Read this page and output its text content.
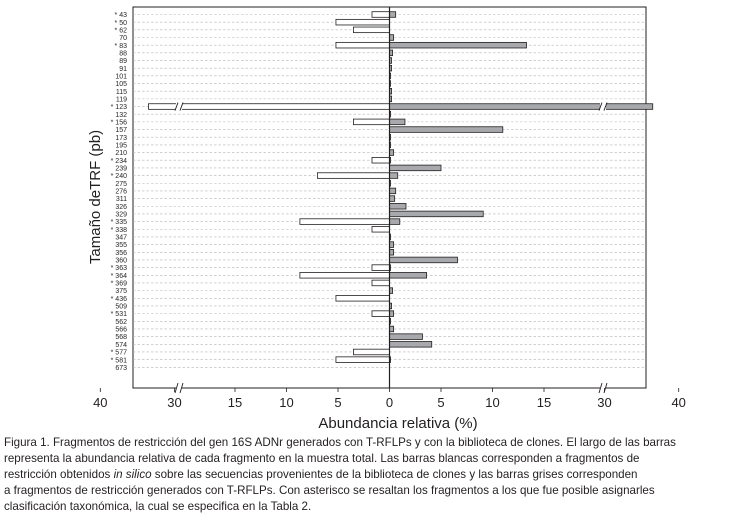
* 43
* 50
* 62
70
* 83
88
89
91
101
105
115
119
* 123
132
* 156
157
173
195
210
* 234
239
* 240
275
276
311
326
329
* 335
* 338
347
355
356
360
* 363
* 364
* 369
375
* 436
509
* 531
562
566
568
574
* 577
* 581
673
40	30	15	10	5	0	5	10	15	30	40
Abundancia relativa (%)
Tamaño deTRF (pb)
Figura 1. Fragmentos de restricción del gen 16S ADNr generados con T-RFLPs y con la biblioteca de clones. El largo de las barras
representa la abundancia relativa de cada fragmento en la muestra total. Las barras blancas corresponden a fragmentos de
restricción obtenidos in silico sobre las secuencias provenientes de la biblioteca de clones y las barras grises corresponden
a fragmentos de restricción generados con T-RFLPs. Con asterisco se resaltan los fragmentos a los que fue posible asignarles
clasificación taxonómica, la cual se especifica en la Tabla 2.
